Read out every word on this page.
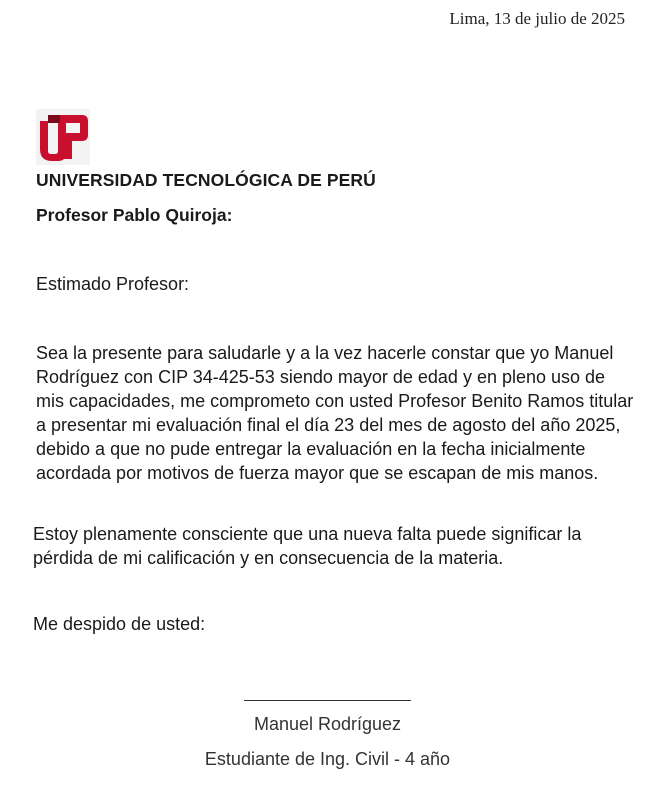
Lima, 13 de julio de 2025
UNIVERSIDAD TECNOLÓGICA DE PERÚ
Profesor Pablo Quiroja:
Estimado Profesor:
Sea la presente para saludarle y a la vez hacerle constar que yo Manuel Rodríguez con CIP 34-425-53 siendo mayor de edad y en pleno uso de mis capacidades, me comprometo con usted Profesor Benito Ramos titular a presentar mi evaluación final el día 23 del mes de agosto del año 2025, debido a que no pude entregar la evaluación en la fecha inicialmente acordada por motivos de fuerza mayor que se escapan de mis manos.
Estoy plenamente consciente que una nueva falta puede significar la pérdida de mi calificación y en consecuencia de la materia.
Me despido de usted:
Manuel Rodríguez
Estudiante de Ing. Civil - 4 año
